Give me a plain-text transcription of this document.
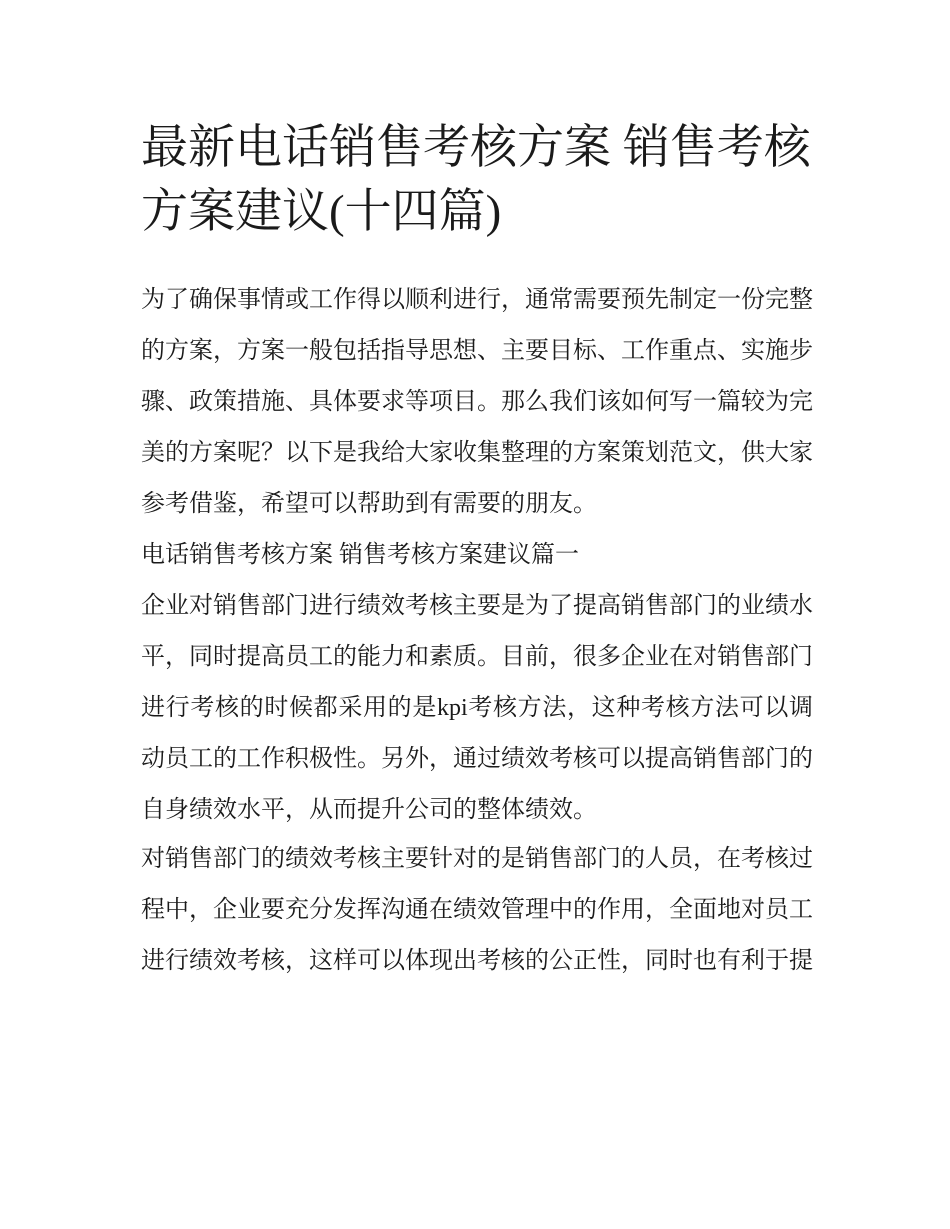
最新电话销售考核方案 销售考核方案建议(十四篇)

为了确保事情或工作得以顺利进行，通常需要预先制定一份完整的方案，方案一般包括指导思想、主要目标、工作重点、实施步骤、政策措施、具体要求等项目。那么我们该如何写一篇较为完美的方案呢？以下是我给大家收集整理的方案策划范文，供大家参考借鉴，希望可以帮助到有需要的朋友。

电话销售考核方案 销售考核方案建议篇一

企业对销售部门进行绩效考核主要是为了提高销售部门的业绩水平，同时提高员工的能力和素质。目前，很多企业在对销售部门进行考核的时候都采用的是kpi考核方法，这种考核方法可以调动员工的工作积极性。另外，通过绩效考核可以提高销售部门的自身绩效水平，从而提升公司的整体绩效。

对销售部门的绩效考核主要针对的是销售部门的人员，在考核过程中，企业要充分发挥沟通在绩效管理中的作用，全面地对员工进行绩效考核，这样可以体现出考核的公正性，同时也有利于提
